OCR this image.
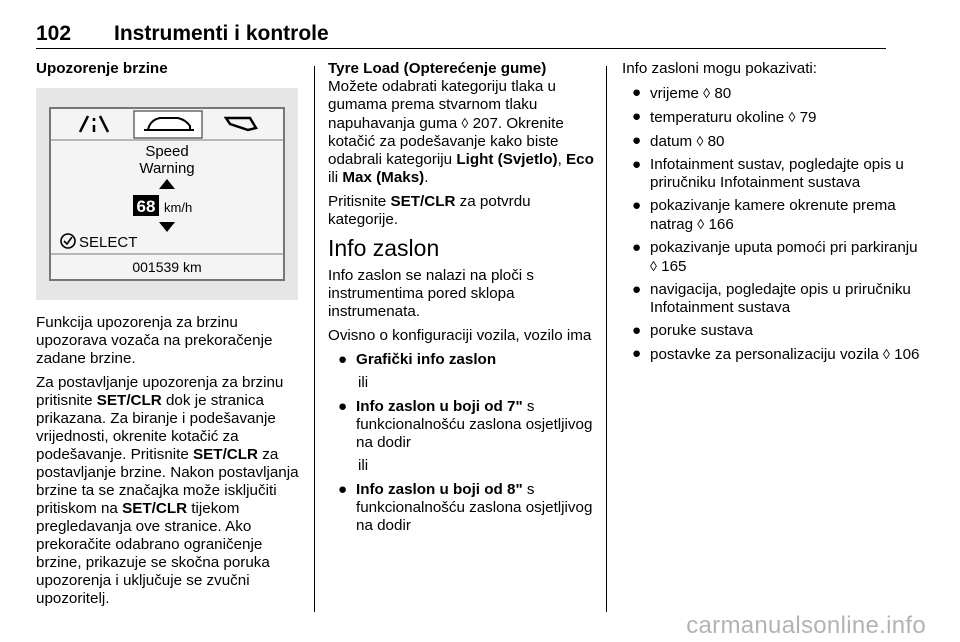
102 Instrumenti i kontrole

Upozorenje brzine

Speed
Warning
68 km/h
SELECT
001539 km

Funkcija upozorenja za brzinu upozorava vozača na prekoračenje zadane brzine.

Za postavljanje upozorenja za brzinu pritisnite SET/CLR dok je stranica prikazana. Za biranje i podešavanje vrijednosti, okrenite kotačić za podešavanje. Pritisnite SET/CLR za postavljanje brzine. Nakon postavljanja brzine ta se značajka može isključiti pritiskom na SET/CLR tijekom pregledavanja ove stranice. Ako prekoračite odabrano ograničenje brzine, prikazuje se skočna poruka upozorenja i uključuje se zvučni upozoritelj.

Tyre Load (Opterećenje gume)

Možete odabrati kategoriju tlaka u gumama prema stvarnom tlaku napuhavanja guma ◊ 207. Okrenite kotačić za podešavanje kako biste odabrali kategoriju Light (Svjetlo), Eco ili Max (Maks).

Pritisnite SET/CLR za potvrdu kategorije.

Info zaslon

Info zaslon se nalazi na ploči s instrumentima pored sklopa instrumenata.

Ovisno o konfiguraciji vozila, vozilo ima

● Grafički info zaslon

ili

● Info zaslon u boji od 7" s funkcionalnošću zaslona osjetljivog na dodir

ili

● Info zaslon u boji od 8" s funkcionalnošću zaslona osjetljivog na dodir

Info zasloni mogu pokazivati:

● vrijeme ◊ 80
● temperaturu okoline ◊ 79
● datum ◊ 80
● Infotainment sustav, pogledajte opis u priručniku Infotainment sustava
● pokazivanje kamere okrenute prema natrag ◊ 166
● pokazivanje uputa pomoći pri parkiranju ◊ 165
● navigacija, pogledajte opis u priručniku Infotainment sustava
● poruke sustava
● postavke za personalizaciju vozila ◊ 106
carmanualsonline.info
